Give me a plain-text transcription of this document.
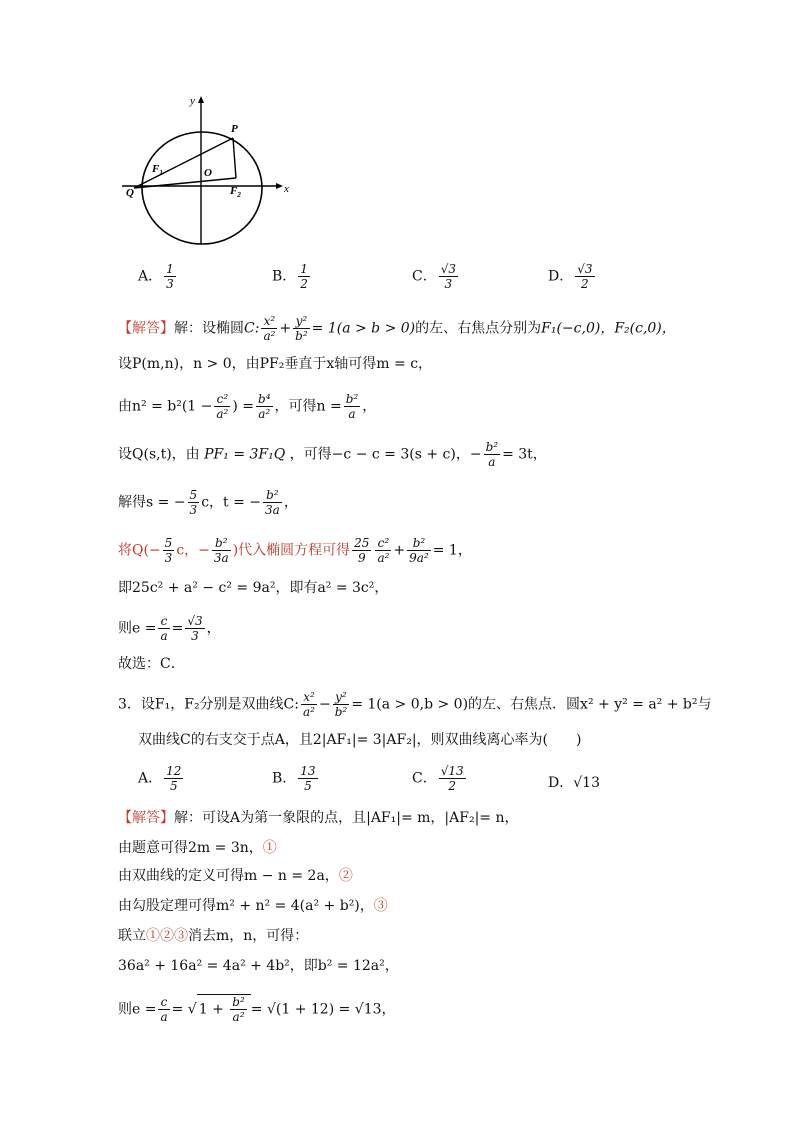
y
x
P
$F_1$	O
Q	$F_2$
A． $\frac{1}{3}$	B． $\frac{1}{2}$	C． $\frac{√3}{3}$	D． $\frac{√3}{2}$
【解答】解：设椭圆C: $\frac{\text{x²}}{\text{a²}} + \frac{\text{y²}}{\text{b²}} = 1(a > b > 0)$的左、右焦点分别为F₁(−c,0)，F₂(c,0)，
设P(m,n)，n > 0，由PF₂垂直于x轴可得m = c，
由$n^2 = b^2(1 - \frac{\text{c²}}{\text{a²}}$ ) = $\frac{\text{b⁴}}{\text{a²}}$ ，可得$n = \frac{\text{b²}}{a}$ ，
设Q(s,t)，由 PF₁ = 3F₁Q ，可得−c − c = 3(s + c)，− $\frac{\text{b²}}{a} = 3t$，
解得s = − $\frac{5}{3}$ c，t = − $\frac{\text{b²}}{3a}$ ，
将$Q(- \frac{5}{3}$ c，− $\frac{\text{b²}}{3a}$ )代入椭圆方程可得 $\frac{25}{9} \frac{\text{c²}}{\text{a²}} + \frac{\text{b²}}{\text{9a²}} = 1$，
即25c² + a² − c² = 9a²，即有a² = 3c²，
则$e = \frac{c}{a} = \frac{√3}{3}$ ，
故选：C．
3．设F₁，F₂分别是双曲线C: $\frac{\text{x²}}{\text{a²}} - \frac{\text{y²}}{\text{b²}} = 1(a > 0,b > 0)$的左、右焦点．圆x² + y² = a² + b²与
双曲线C的右支交于点A，且2|AF₁|= 3|AF₂|，则双曲线离心率为(　　)
A． $\frac{12}{5}$	B． $\frac{13}{5}$	C． $\frac{√13}{2}$	D．√13
【解答】解：可设A为第一象限的点，且|AF₁|= m，|AF₂|= n，
由题意可得2m = 3n，①
由双曲线的定义可得m − n = 2a，②
由勾股定理可得m² + n² = 4(a² + b²)，③
联立①②③消去m，n，可得：
36a² + 16a² = 4a² + 4b²，即b² = 12a²，
则$e = \frac{c}{a}$ = √ $1 + \frac{\text{b²}}{\text{a²}} = √(1 + 12) = √13$，
